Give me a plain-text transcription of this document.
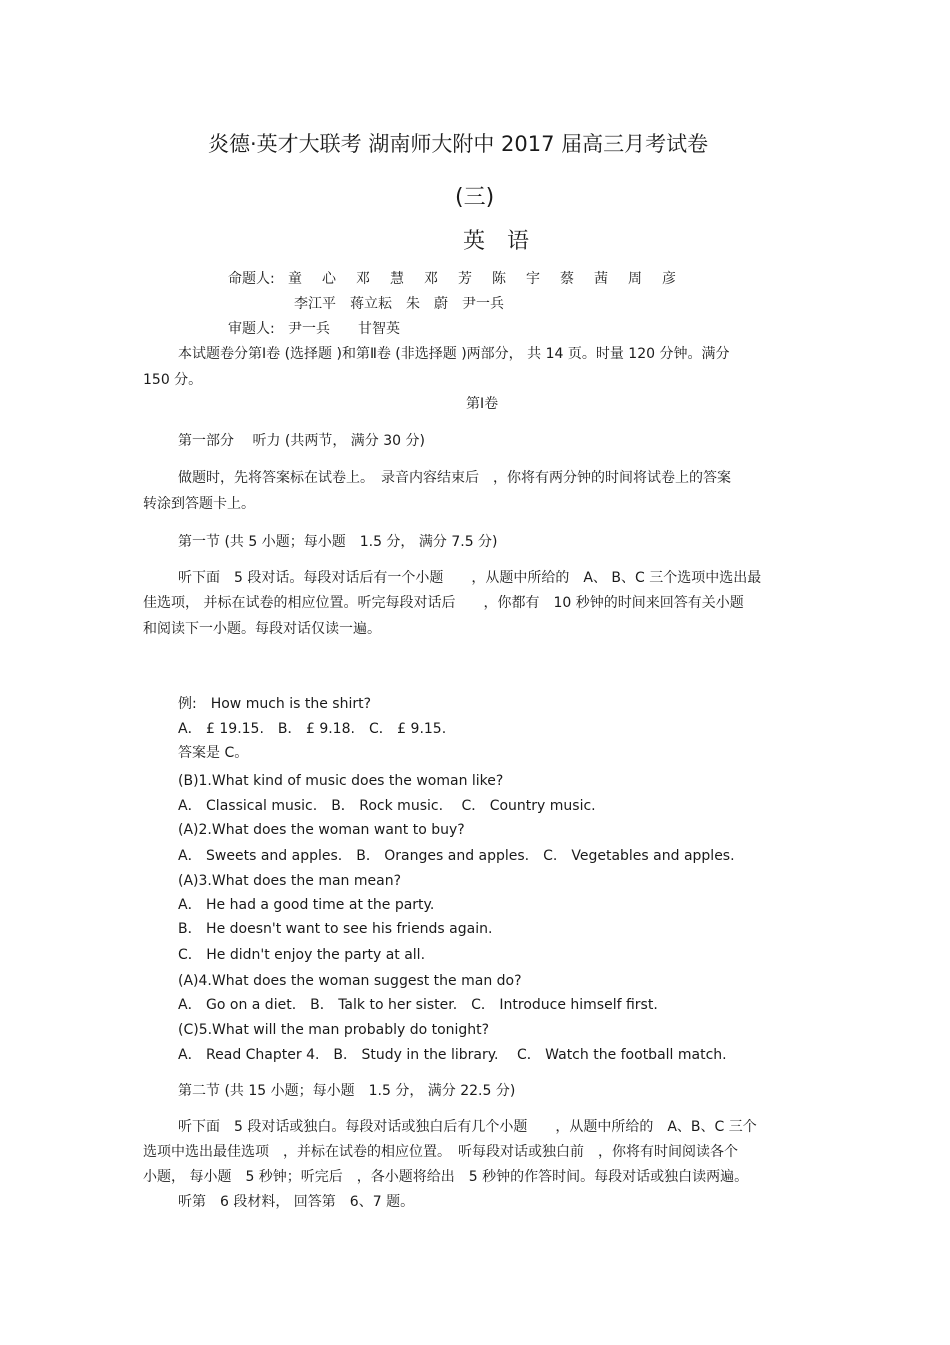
炎德·英才大联考 湖南师大附中 2017 届高三月考试卷
(三)
英语
命题人: 童　心　邓　慧　邓　芳　陈　宇　蔡　茜　周　彦
李江平　蒋立耘　朱　蔚　尹一兵
审题人: 尹一兵　　甘智英
本试题卷分第Ⅰ卷 (选择题 )和第Ⅱ卷 (非选择题 )两部分， 共 14 页。时量 120 分钟。满分
150 分。
第Ⅰ卷
第一部分　 听力 (共两节， 满分 30 分)
做题时，先将答案标在试卷上。　录音内容结束后　，你将有两分钟的时间将试卷上的答案
转涂到答题卡上。
第一节 (共 5 小题；每小题　1.5 分， 满分 7.5 分)
听下面　5 段对话。每段对话后有一个小题　　，从题中所给的　A、 B、C 三个选项中选出最
佳选项， 并标在试卷的相应位置。听完每段对话后　　，你都有　10 秒钟的时间来回答有关小题
和阅读下一小题。每段对话仅读一遍。
例:　How much is the shirt?
A． £ 19.15.　B． £ 9.18.　C． £ 9.15.
答案是 C。
(B)1.What kind of music does the woman like?
A． Classical music.　B． Rock music.　 C． Country music.
(A)2.What does the woman want to buy?
A． Sweets and apples.　B． Oranges and apples.　C.　Vegetables and apples.
(A)3.What does the man mean?
A． He had a good time at the party.
B． He doesn't want to see his friends again.
C． He didn't enjoy the party at all.
(A)4.What does the woman suggest the man do?
A． Go on a diet.　B． Talk to her sister.　C． Introduce himself first.
(C)5.What will the man probably do tonight?
A． Read Chapter 4.　B． Study in the library.　 C． Watch the football match.
第二节 (共 15 小题；每小题　1.5 分， 满分 22.5 分)
听下面　5 段对话或独白。每段对话或独白后有几个小题　　，从题中所给的　A、B、C 三个
选项中选出最佳选项　，并标在试卷的相应位置。　听每段对话或独白前　，你将有时间阅读各个
小题， 每小题　5 秒钟；听完后　，各小题将给出　5 秒钟的作答时间。每段对话或独白读两遍。
听第　6 段材料， 回答第　6、7 题。
